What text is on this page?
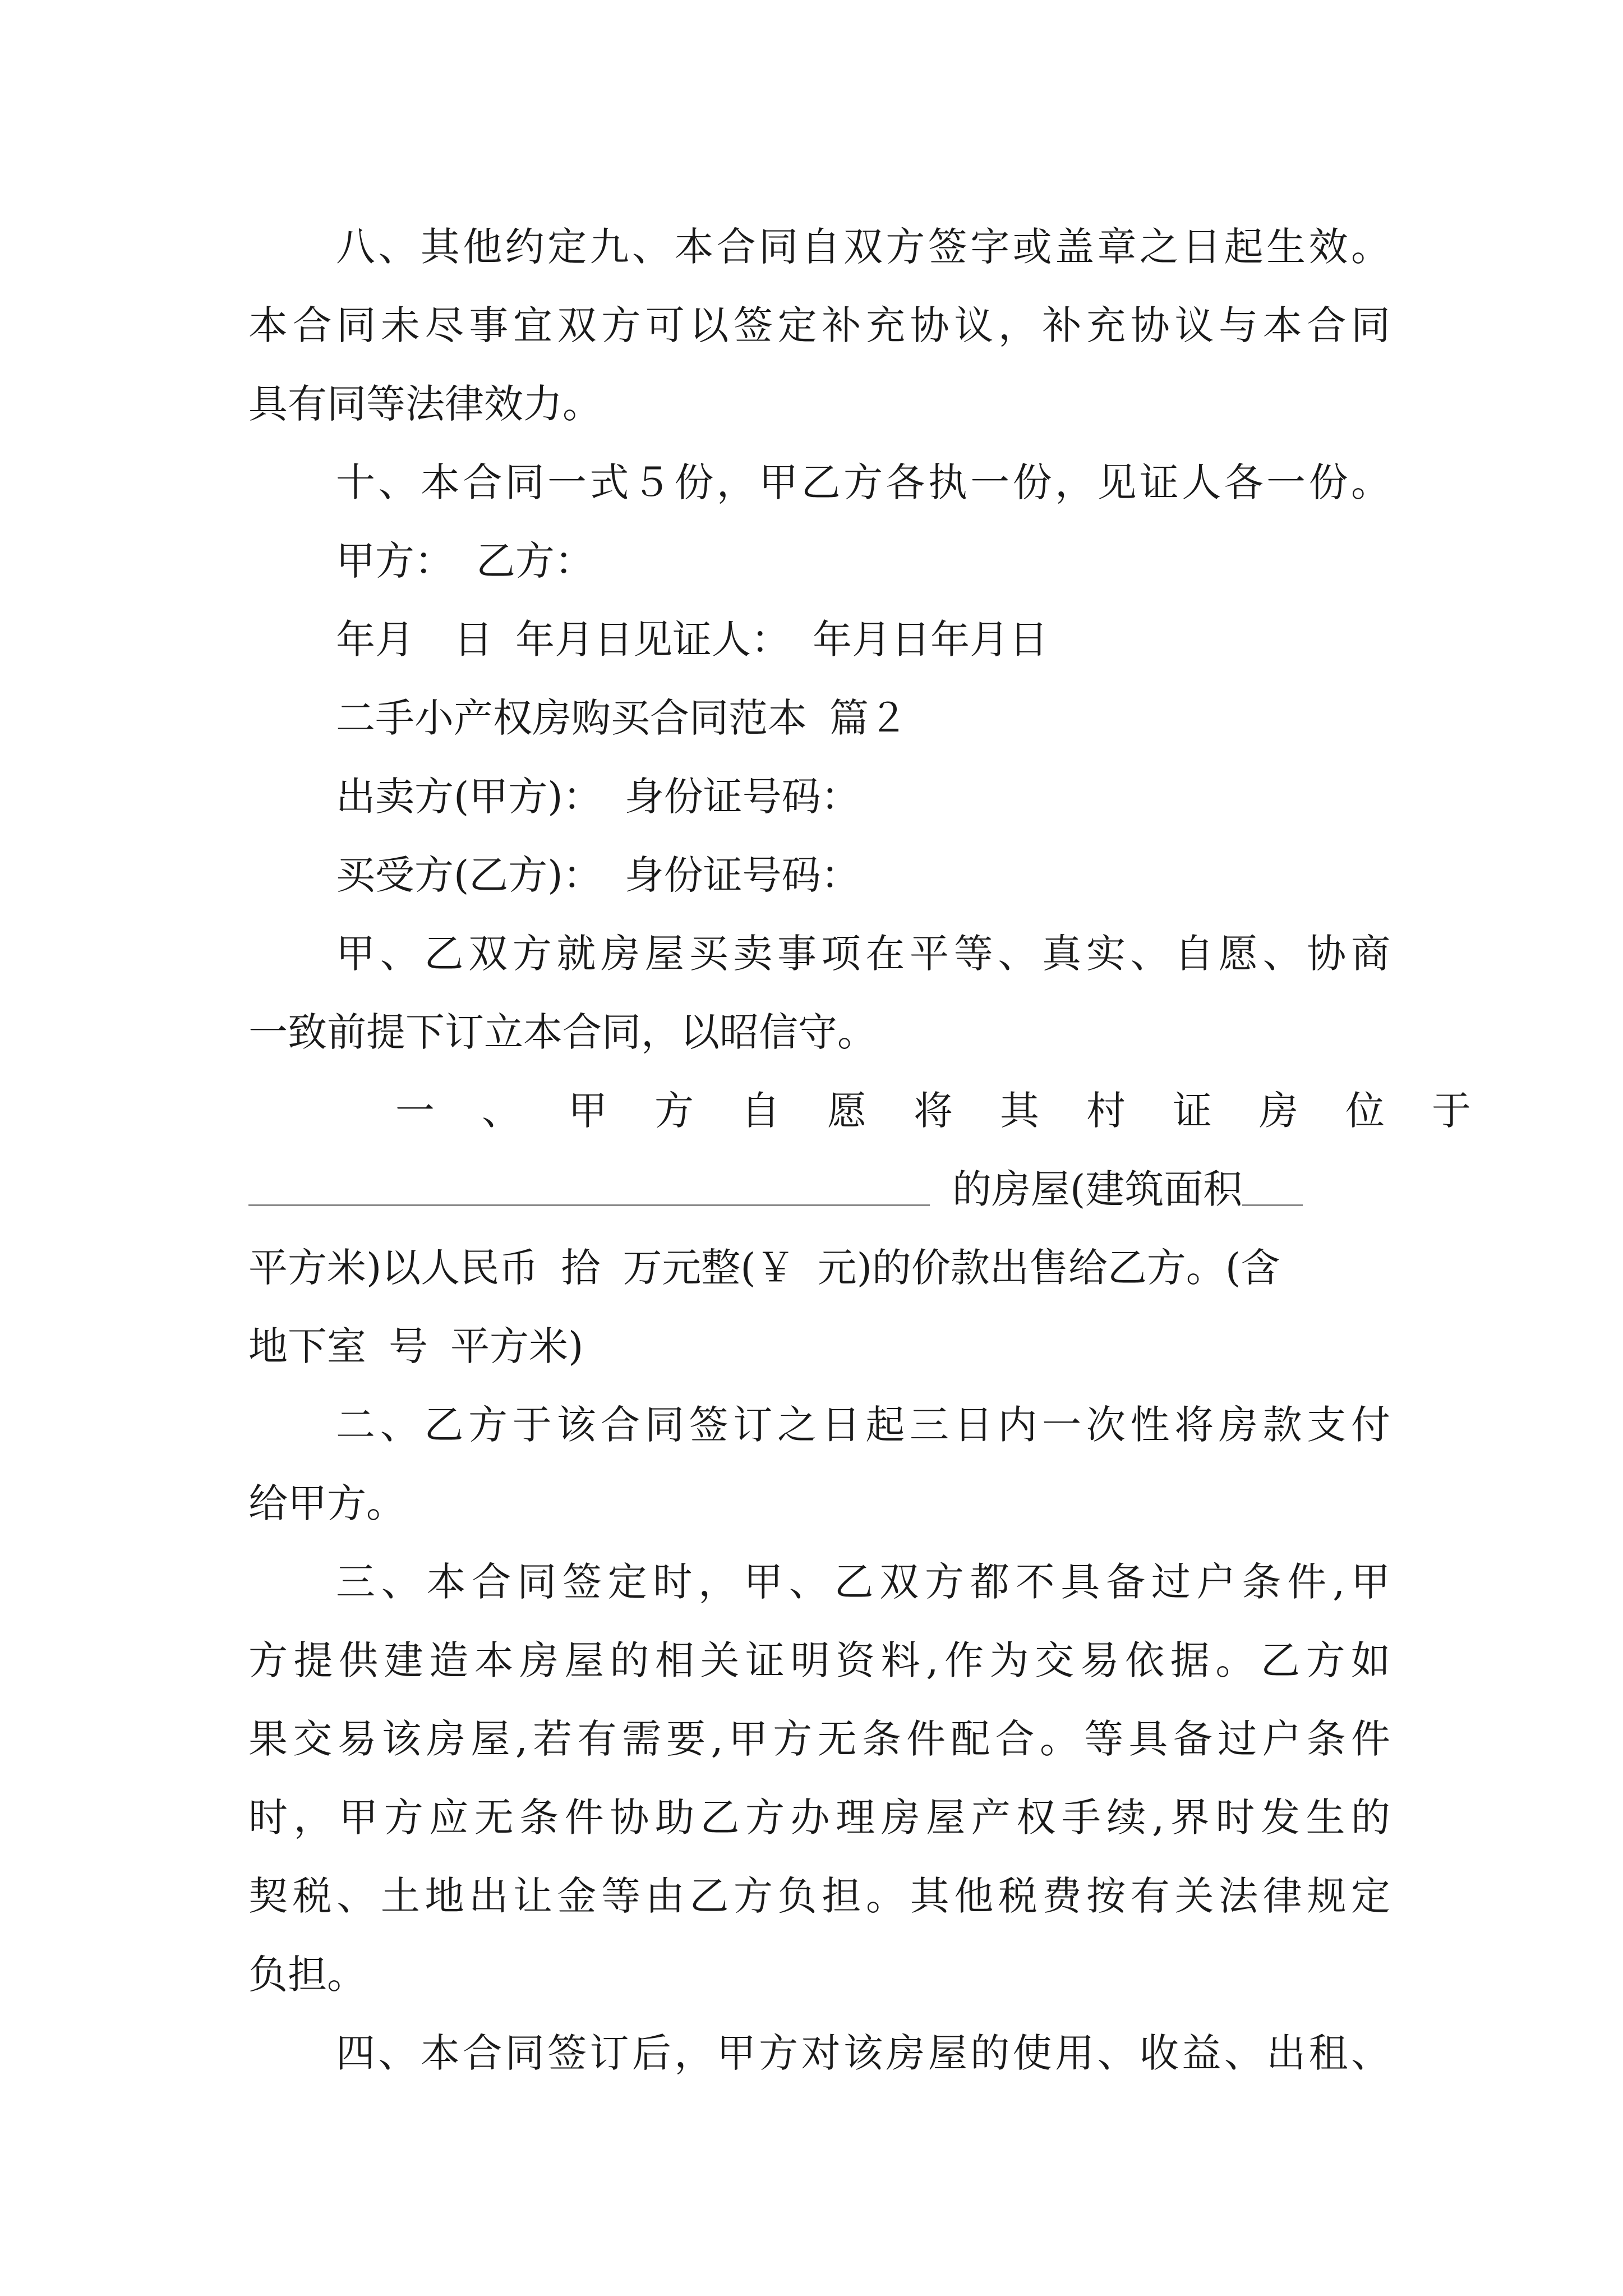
八、其他约定九、本合同自双方签字或盖章之日起生效。
本合同未尽事宜双方可以签定补充协议，补充协议与本合同
具有同等法律效力。
十、本合同一式５份，甲乙方各执一份，见证人各一份。
甲方： 乙方：
年月 日 年月日见证人： 年月日年月日
二手小产权房购买合同范本 篇２
出卖方(甲方)： 身份证号码：
买受方(乙方)： 身份证号码：
甲、乙双方就房屋买卖事项在平等、真实、自愿、协商
一致前提下订立本合同，以昭信守。
一、甲方自愿将其村证房位于
的房屋(建筑面积
平方米)以人民币 拾 万元整(￥ 元)的价款出售给乙方。(含
地下室 号 平方米)
二、乙方于该合同签订之日起三日内一次性将房款支付
给甲方。
三、本合同签定时，甲、乙双方都不具备过户条件,甲
方提供建造本房屋的相关证明资料,作为交易依据。乙方如
果交易该房屋,若有需要,甲方无条件配合。等具备过户条件
时，甲方应无条件协助乙方办理房屋产权手续,界时发生的
契税、土地出让金等由乙方负担。其他税费按有关法律规定
负担。
四、本合同签订后，甲方对该房屋的使用、收益、出租、
